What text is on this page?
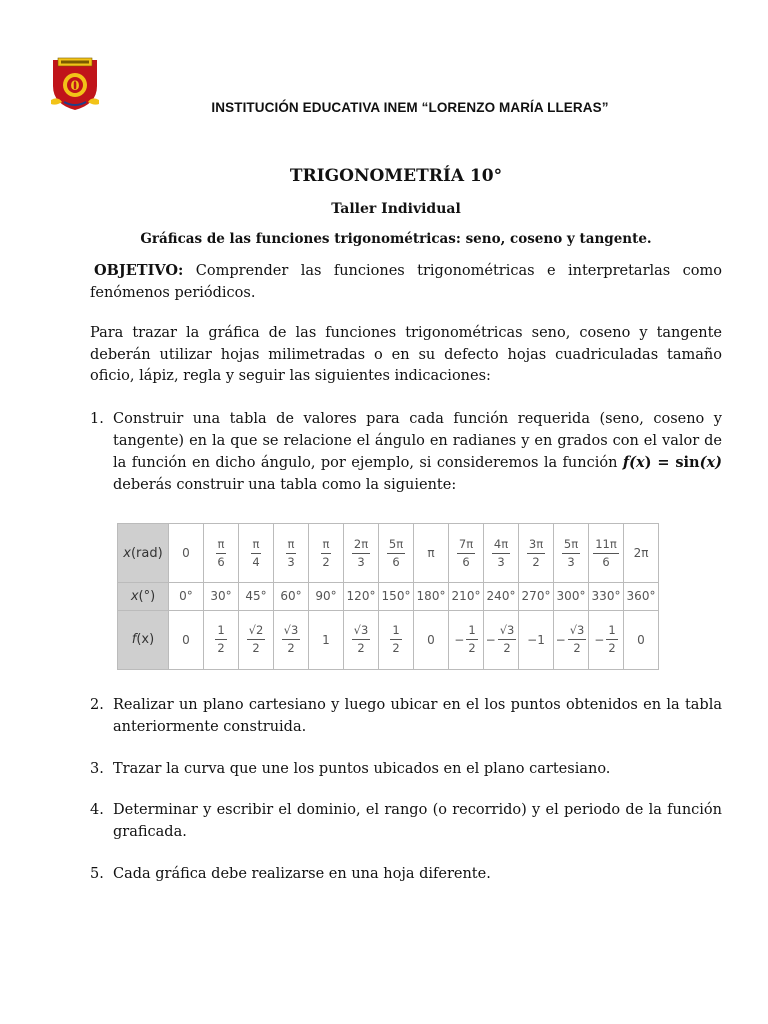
0
INSTITUCIÓN EDUCATIVA INEM “LORENZO MARÍA LLERAS”
TRIGONOMETRÍA 10°
Taller Individual
Gráficas de las funciones trigonométricas: seno, coseno y tangente.
OBJETIVO: Comprender las funciones trigonométricas e interpretarlas como fenómenos periódicos.
Para trazar la gráfica de las funciones trigonométricas seno, coseno y tangente deberán utilizar hojas milimetradas o en su defecto hojas cuadriculadas tamaño oficio, lápiz, regla y seguir las siguientes indicaciones:
1. Construir una tabla de valores para cada función requerida (seno, coseno y tangente) en la que se relacione el ángulo en radianes y en grados con el valor de la función en dicho ángulo, por ejemplo, si consideremos la función f(x) = sin(x) deberás construir una tabla como la siguiente:
x(rad)	0	$\frac{\pi}{6}$	$\frac{\pi}{4}$	$\frac{\pi}{3}$	$\frac{\pi}{2}$	$\frac{2\pi}{3}$	$\frac{5\pi}{6}$	π	$\frac{7\pi}{6}$	$\frac{4\pi}{3}$	$\frac{3\pi}{2}$	$\frac{5\pi}{3}$	$\frac{11\pi}{6}$	2π
x(°)	0°	30°	45°	60°	90°	120°	150°	180°	210°	240°	270°	300°	330°	360°
f(x)	0	$\frac{1}{2}$	$\frac{√2}{2}$	$\frac{√3}{2}$	1	$\frac{√3}{2}$	$\frac{1}{2}$	0	− $\frac{1}{2}$	− $\frac{√3}{2}$	−1	− $\frac{√3}{2}$	− $\frac{1}{2}$	0
2. Realizar un plano cartesiano y luego ubicar en el los puntos obtenidos en la tabla anteriormente construida.
3. Trazar la curva que une los puntos ubicados en el plano cartesiano.
4. Determinar y escribir el dominio, el rango (o recorrido) y el periodo de la función graficada.
5. Cada gráfica debe realizarse en una hoja diferente.
